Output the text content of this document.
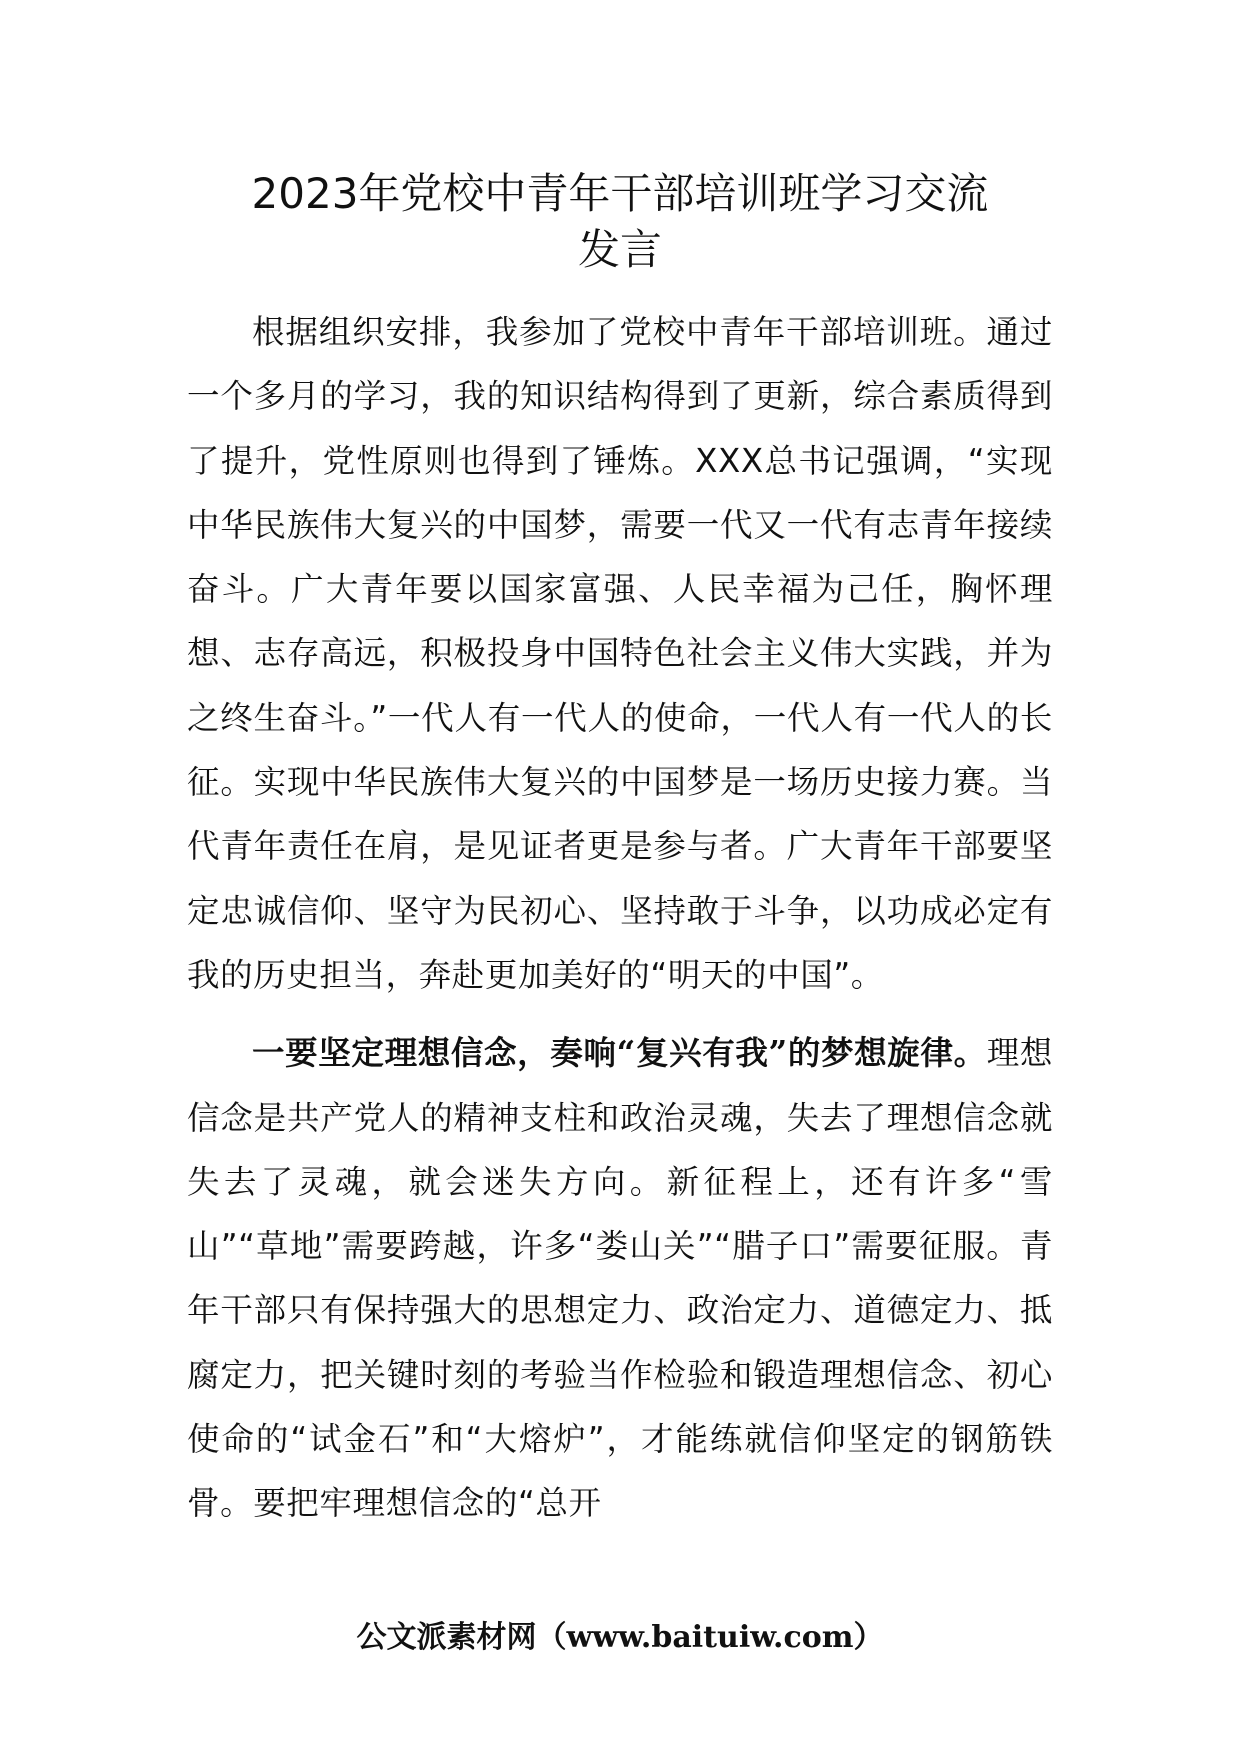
2023年党校中青年干部培训班学习交流
发言

根据组织安排，我参加了党校中青年干部培训班。通过一个多月的学习，我的知识结构得到了更新，综合素质得到了提升，党性原则也得到了锤炼。XXX总书记强调，“实现中华民族伟大复兴的中国梦，需要一代又一代有志青年接续奋斗。广大青年要以国家富强、人民幸福为己任，胸怀理想、志存高远，积极投身中国特色社会主义伟大实践，并为之终生奋斗。”一代人有一代人的使命，一代人有一代人的长征。实现中华民族伟大复兴的中国梦是一场历史接力赛。当代青年责任在肩，是见证者更是参与者。广大青年干部要坚定忠诚信仰、坚守为民初心、坚持敢于斗争，以功成必定有我的历史担当，奔赴更加美好的“明天的中国”。

一要坚定理想信念，奏响“复兴有我”的梦想旋律。理想信念是共产党人的精神支柱和政治灵魂，失去了理想信念就失去了灵魂，就会迷失方向。新征程上，还有许多“雪山”“草地”需要跨越，许多“娄山关”“腊子口”需要征服。青年干部只有保持强大的思想定力、政治定力、道德定力、抵腐定力，把关键时刻的考验当作检验和锻造理想信念、初心使命的“试金石”和“大熔炉”，才能练就信仰坚定的钢筋铁骨。要把牢理想信念的“总开

公文派素材网（www.baituiw.com）
